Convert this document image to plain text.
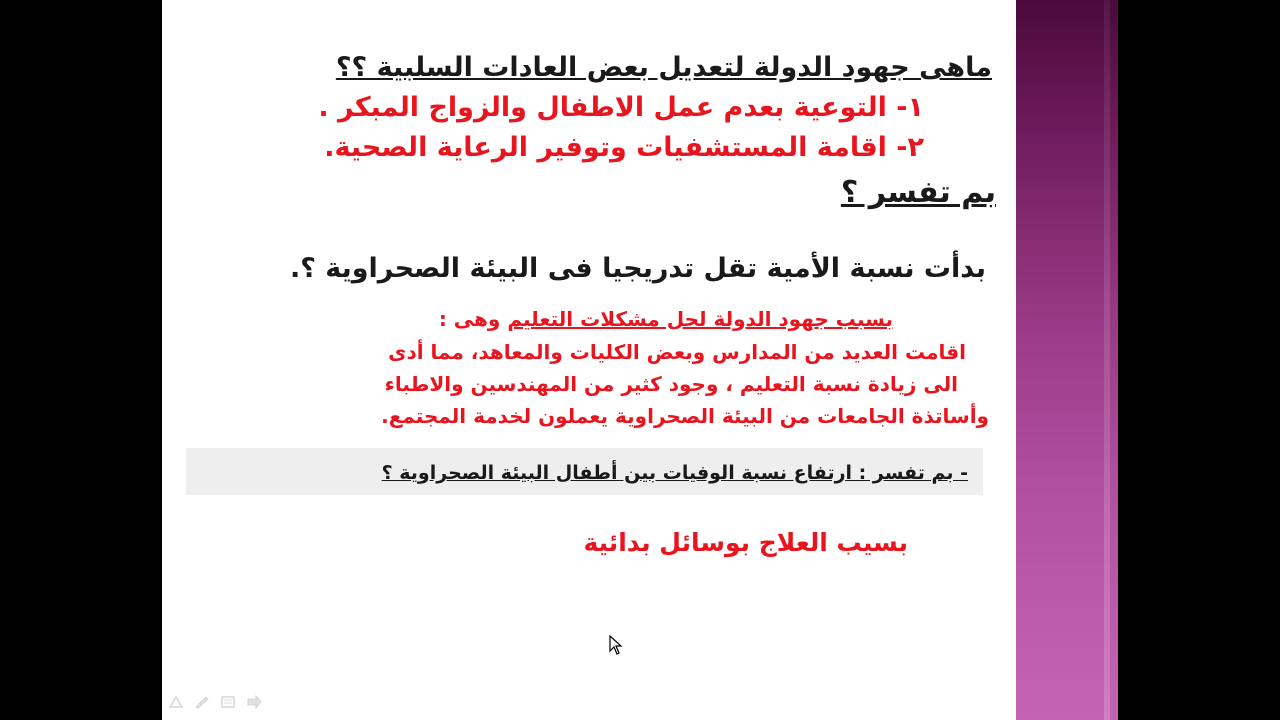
ماهى جهود الدولة لتعديل بعض العادات السلبية ؟؟

١- التوعية بعدم عمل الاطفال والزواج المبكر .

٢- اقامة المستشفيات وتوفير الرعاية الصحية.

بم تفسر ؟

بدأت نسبة الأمية تقل تدريجيا فى البيئة الصحراوية ؟.

بسبب جهود الدولة لحل مشكلات التعليم وهى :

اقامت العديد من المدارس وبعض الكليات والمعاهد، مما أدى

الى زيادة نسبة التعليم ، وجود كثير من المهندسين والاطباء

وأساتذة الجامعات من البيئة الصحراوية يعملون لخدمة المجتمع.

- بم تفسر : ارتفاع نسبة الوفيات بين أطفال البيئة الصحراوية ؟

بسيب العلاج بوسائل بدائية
